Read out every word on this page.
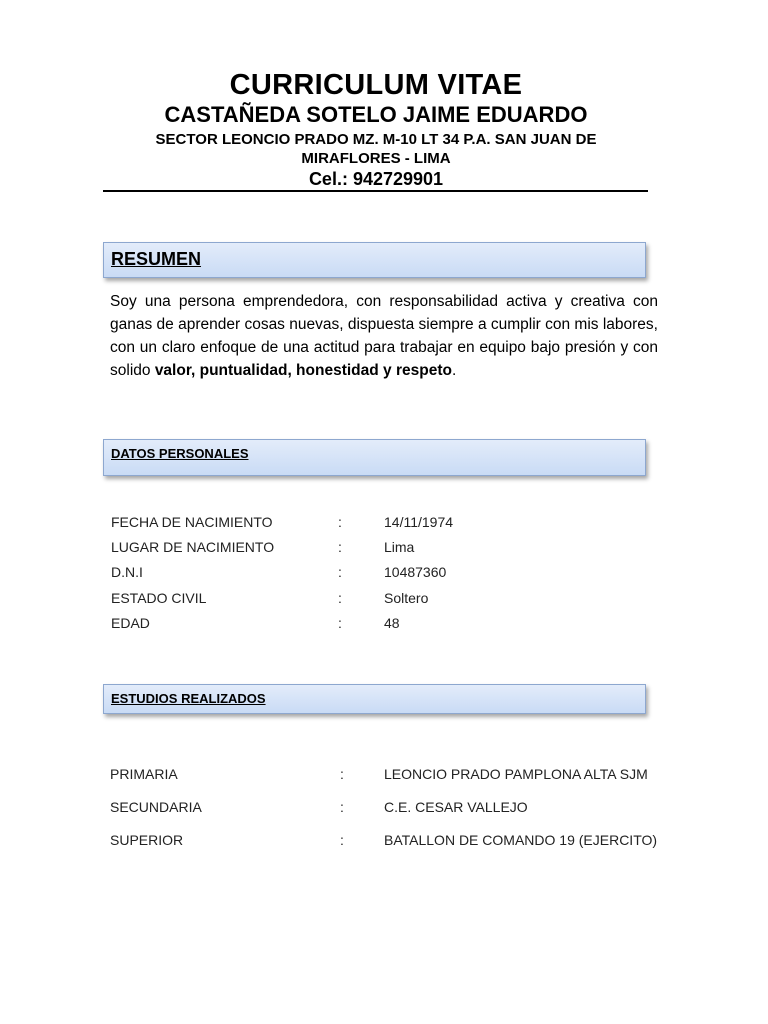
CURRICULUM VITAE
CASTAÑEDA SOTELO JAIME EDUARDO
SECTOR LEONCIO PRADO MZ. M-10 LT 34 P.A. SAN JUAN DE MIRAFLORES - LIMA
Cel.: 942729901
RESUMEN
Soy una persona emprendedora, con responsabilidad activa y creativa con ganas de aprender cosas nuevas, dispuesta siempre a cumplir con mis labores, con un claro enfoque de una actitud para trabajar en equipo bajo presión y con solido valor, puntualidad, honestidad y respeto.
DATOS PERSONALES
FECHA DE NACIMIENTO	:	14/11/1974
LUGAR DE NACIMIENTO	:	Lima
D.N.I	:	10487360
ESTADO CIVIL	:	Soltero
EDAD	:	48
ESTUDIOS REALIZADOS
PRIMARIA	:	LEONCIO PRADO PAMPLONA ALTA SJM
SECUNDARIA	:	C.E. CESAR VALLEJO
SUPERIOR	:	BATALLON DE COMANDO 19 (EJERCITO)
